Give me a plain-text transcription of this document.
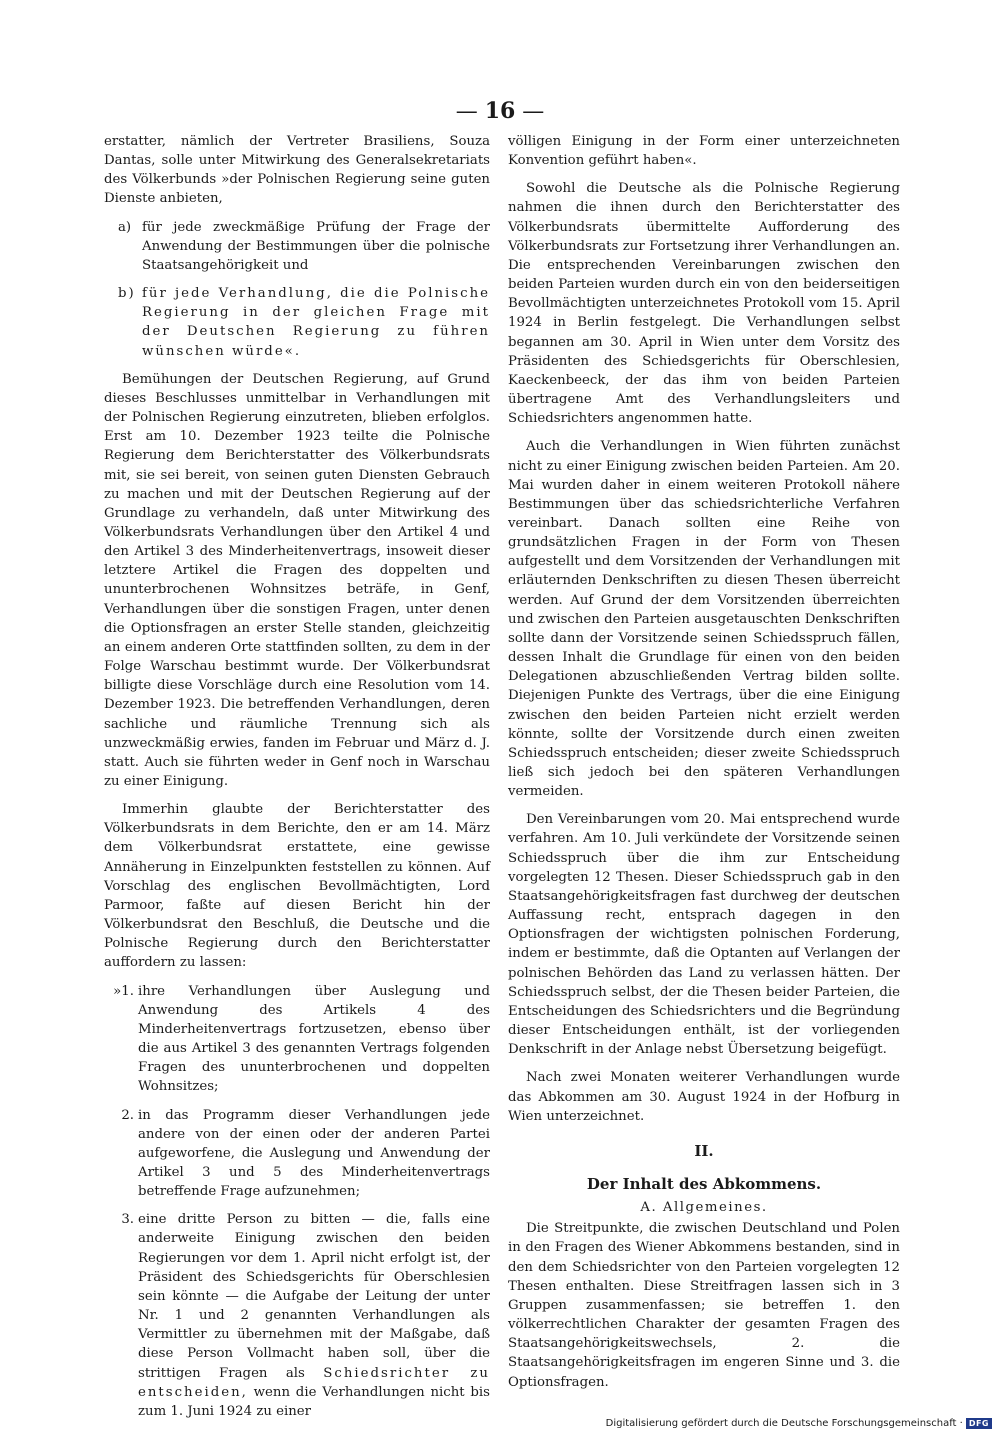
— 16 —

erstatter, nämlich der Vertreter Brasiliens, Souza Dantas, solle unter Mitwirkung des Generalsekretariats des Völkerbunds »der Polnischen Regierung seine guten Dienste anbieten,

a) für jede zweckmäßige Prüfung der Frage der Anwendung der Bestimmungen über die polnische Staatsangehörigkeit und
b) für jede Verhandlung, die die Polnische Regierung in der gleichen Frage mit der Deutschen Regierung zu führen wünschen würde«.

Bemühungen der Deutschen Regierung, auf Grund dieses Beschlusses unmittelbar in Verhandlungen mit der Polnischen Regierung einzutreten, blieben erfolglos. Erst am 10. Dezember 1923 teilte die Polnische Regierung dem Berichterstatter des Völkerbundsrats mit, sie sei bereit, von seinen guten Diensten Gebrauch zu machen und mit der Deutschen Regierung auf der Grundlage zu verhandeln, daß unter Mitwirkung des Völkerbundsrats Verhandlungen über den Artikel 4 und den Artikel 3 des Minderheitenvertrags, insoweit dieser letztere Artikel die Fragen des doppelten und ununterbrochenen Wohnsitzes beträfe, in Genf, Verhandlungen über die sonstigen Fragen, unter denen die Optionsfragen an erster Stelle standen, gleichzeitig an einem anderen Orte stattfinden sollten, zu dem in der Folge Warschau bestimmt wurde. Der Völkerbundsrat billigte diese Vorschläge durch eine Resolution vom 14. Dezember 1923. Die betreffenden Verhandlungen, deren sachliche und räumliche Trennung sich als unzweckmäßig erwies, fanden im Februar und März d. J. statt. Auch sie führten weder in Genf noch in Warschau zu einer Einigung.

Immerhin glaubte der Berichterstatter des Völkerbundsrats in dem Berichte, den er am 14. März dem Völkerbundsrat erstattete, eine gewisse Annäherung in Einzelpunkten feststellen zu können. Auf Vorschlag des englischen Bevollmächtigten, Lord Parmoor, faßte auf diesen Bericht hin der Völkerbundsrat den Beschluß, die Deutsche und die Polnische Regierung durch den Berichterstatter auffordern zu lassen:

»1. ihre Verhandlungen über Auslegung und Anwendung des Artikels 4 des Minderheitenvertrags fortzusetzen, ebenso über die aus Artikel 3 des genannten Vertrags folgenden Fragen des ununterbrochenen und doppelten Wohnsitzes;
2. in das Programm dieser Verhandlungen jede andere von der einen oder der anderen Partei aufgeworfene, die Auslegung und Anwendung der Artikel 3 und 5 des Minderheitenvertrags betreffende Frage aufzunehmen;
3. eine dritte Person zu bitten — die, falls eine anderweite Einigung zwischen den beiden Regierungen vor dem 1. April nicht erfolgt ist, der Präsident des Schiedsgerichts für Oberschlesien sein könnte — die Aufgabe der Leitung der unter Nr. 1 und 2 genannten Verhandlungen als Vermittler zu übernehmen mit der Maßgabe, daß diese Person Vollmacht haben soll, über die strittigen Fragen als Schiedsrichter zu entscheiden, wenn die Verhandlungen nicht bis zum 1. Juni 1924 zu einer

völligen Einigung in der Form einer unterzeichneten Konvention geführt haben«.

Sowohl die Deutsche als die Polnische Regierung nahmen die ihnen durch den Berichterstatter des Völkerbundsrats übermittelte Aufforderung des Völkerbundsrats zur Fortsetzung ihrer Verhandlungen an. Die entsprechenden Vereinbarungen zwischen den beiden Parteien wurden durch ein von den beiderseitigen Bevollmächtigten unterzeichnetes Protokoll vom 15. April 1924 in Berlin festgelegt. Die Verhandlungen selbst begannen am 30. April in Wien unter dem Vorsitz des Präsidenten des Schiedsgerichts für Oberschlesien, Kaeckenbeeck, der das ihm von beiden Parteien übertragene Amt des Verhandlungsleiters und Schiedsrichters angenommen hatte.

Auch die Verhandlungen in Wien führten zunächst nicht zu einer Einigung zwischen beiden Parteien. Am 20. Mai wurden daher in einem weiteren Protokoll nähere Bestimmungen über das schiedsrichterliche Verfahren vereinbart. Danach sollten eine Reihe von grundsätzlichen Fragen in der Form von Thesen aufgestellt und dem Vorsitzenden der Verhandlungen mit erläuternden Denkschriften zu diesen Thesen überreicht werden. Auf Grund der dem Vorsitzenden überreichten und zwischen den Parteien ausgetauschten Denkschriften sollte dann der Vorsitzende seinen Schiedsspruch fällen, dessen Inhalt die Grundlage für einen von den beiden Delegationen abzuschließenden Vertrag bilden sollte. Diejenigen Punkte des Vertrags, über die eine Einigung zwischen den beiden Parteien nicht erzielt werden könnte, sollte der Vorsitzende durch einen zweiten Schiedsspruch entscheiden; dieser zweite Schiedsspruch ließ sich jedoch bei den späteren Verhandlungen vermeiden.

Den Vereinbarungen vom 20. Mai entsprechend wurde verfahren. Am 10. Juli verkündete der Vorsitzende seinen Schiedsspruch über die ihm zur Entscheidung vorgelegten 12 Thesen. Dieser Schiedsspruch gab in den Staatsangehörigkeitsfragen fast durchweg der deutschen Auffassung recht, entsprach dagegen in den Optionsfragen der wichtigsten polnischen Forderung, indem er bestimmte, daß die Optanten auf Verlangen der polnischen Behörden das Land zu verlassen hätten. Der Schiedsspruch selbst, der die Thesen beider Parteien, die Entscheidungen des Schiedsrichters und die Begründung dieser Entscheidungen enthält, ist der vorliegenden Denkschrift in der Anlage nebst Übersetzung beigefügt.

Nach zwei Monaten weiterer Verhandlungen wurde das Abkommen am 30. August 1924 in der Hofburg in Wien unterzeichnet.

II.

Der Inhalt des Abkommens.

A. Allgemeines.

Die Streitpunkte, die zwischen Deutschland und Polen in den Fragen des Wiener Abkommens bestanden, sind in den dem Schiedsrichter von den Parteien vorgelegten 12 Thesen enthalten. Diese Streitfragen lassen sich in 3 Gruppen zusammenfassen; sie betreffen 1. den völkerrechtlichen Charakter der gesamten Fragen des Staatsangehörigkeitswechsels, 2. die Staatsangehörigkeitsfragen im engeren Sinne und 3. die Optionsfragen.

Digitalisierung gefördert durch die Deutsche Forschungsgemeinschaft · DFG
